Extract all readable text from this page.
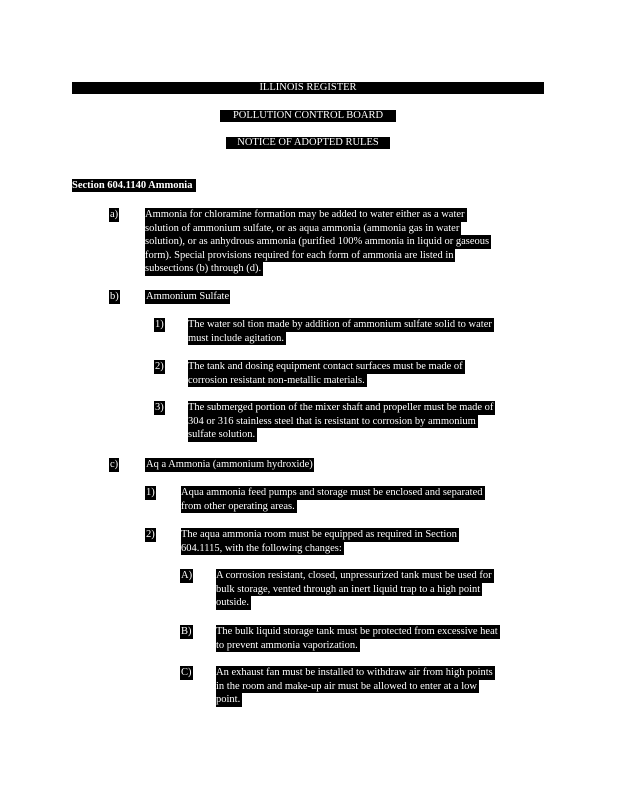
ILLINOIS REGISTER
POLLUTION CONTROL BOARD
NOTICE OF ADOPTED RULES
Section 604.1140 Ammonia
a)	Ammonia for chloramine formation may be added to water either as a water
solution of ammonium sulfate, or as aqua ammonia (ammonia gas in water
solution), or as anhydrous ammonia (purified 100% ammonia in liquid or gaseous
form). Special provisions required for each form of ammonia are listed in
subsections (b) through (d).
b)	Ammonium Sulfate
1) The water sol tion made by addition of ammonium sulfate solid to water
must include agitation.
2) The tank and dosing equipment contact surfaces must be made of
corrosion resistant non-metallic materials.
3) The submerged portion of the mixer shaft and propeller must be made of
304 or 316 stainless steel that is resistant to corrosion by ammonium
sulfate solution.
c)	Aq a Ammonia (ammonium hydroxide)
1)	Aqua ammonia feed pumps and storage must be enclosed and separated
from other operating areas.
2)	The aqua ammonia room must be equipped as required in Section
604.1115, with the following changes:
A) A corrosion resistant, closed, unpressurized tank must be used for
bulk storage, vented through an inert liquid trap to a high point
outside.
B) The bulk liquid storage tank must be protected from excessive heat
to prevent ammonia vaporization.
C) An exhaust fan must be installed to withdraw air from high points
in the room and make-up air must be allowed to enter at a low
point.
